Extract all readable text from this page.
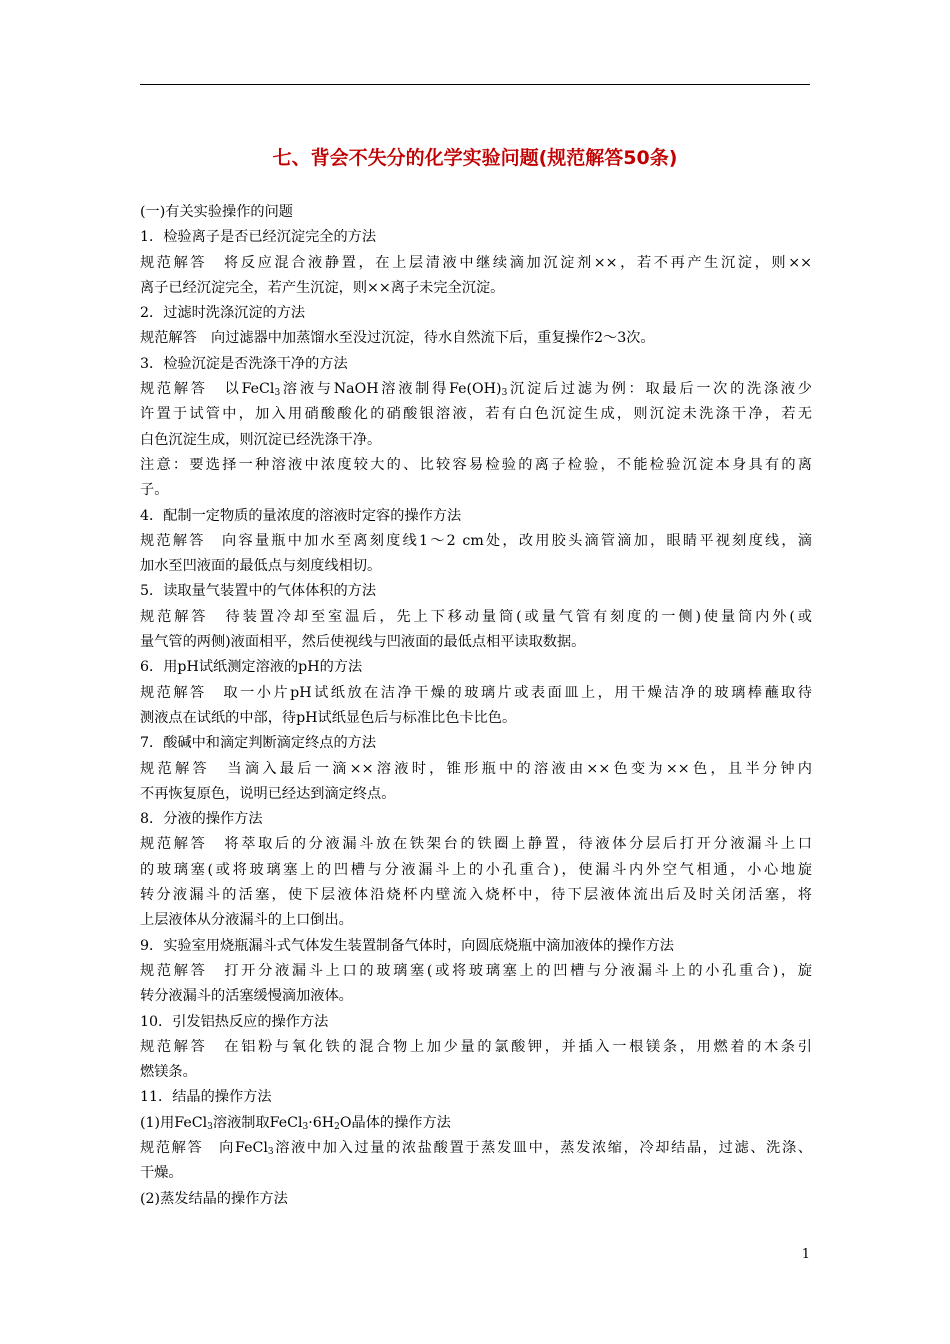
七、背会不失分的化学实验问题(规范解答50条)
(一)有关实验操作的问题
1．检验离子是否已经沉淀完全的方法
规范解答　将反应混合液静置，在上层清液中继续滴加沉淀剂××，若不再产生沉淀，则××
离子已经沉淀完全，若产生沉淀，则××离子未完全沉淀。
2．过滤时洗涤沉淀的方法
规范解答　向过滤器中加蒸馏水至没过沉淀，待水自然流下后，重复操作2～3次。
3．检验沉淀是否洗涤干净的方法
规范解答　以FeCl$_3$溶液与NaOH溶液制得$Fe(OH)_3$沉淀后过滤为例：取最后一次的洗涤液少
许置于试管中，加入用硝酸酸化的硝酸银溶液，若有白色沉淀生成，则沉淀未洗涤干净，若无
白色沉淀生成，则沉淀已经洗涤干净。
注意：要选择一种溶液中浓度较大的、比较容易检验的离子检验，不能检验沉淀本身具有的离
子。
4．配制一定物质的量浓度的溶液时定容的操作方法
规范解答　向容量瓶中加水至离刻度线1～2 cm处，改用胶头滴管滴加，眼睛平视刻度线，滴
加水至凹液面的最低点与刻度线相切。
5．读取量气装置中的气体体积的方法
规范解答　待装置冷却至室温后，先上下移动量筒(或量气管有刻度的一侧)使量筒内外(或
量气管的两侧)液面相平，然后使视线与凹液面的最低点相平读取数据。
6．用pH试纸测定溶液的pH的方法
规范解答　取一小片pH试纸放在洁净干燥的玻璃片或表面皿上，用干燥洁净的玻璃棒蘸取待
测液点在试纸的中部，待pH试纸显色后与标准比色卡比色。
7．酸碱中和滴定判断滴定终点的方法
规范解答　当滴入最后一滴××溶液时，锥形瓶中的溶液由××色变为××色，且半分钟内
不再恢复原色，说明已经达到滴定终点。
8．分液的操作方法
规范解答　将萃取后的分液漏斗放在铁架台的铁圈上静置，待液体分层后打开分液漏斗上口
的玻璃塞(或将玻璃塞上的凹槽与分液漏斗上的小孔重合)，使漏斗内外空气相通，小心地旋
转分液漏斗的活塞，使下层液体沿烧杯内壁流入烧杯中，待下层液体流出后及时关闭活塞，将
上层液体从分液漏斗的上口倒出。
9．实验室用烧瓶漏斗式气体发生装置制备气体时，向圆底烧瓶中滴加液体的操作方法
规范解答　打开分液漏斗上口的玻璃塞(或将玻璃塞上的凹槽与分液漏斗上的小孔重合)，旋
转分液漏斗的活塞缓慢滴加液体。
10．引发铝热反应的操作方法
规范解答　在铝粉与氧化铁的混合物上加少量的氯酸钾，并插入一根镁条，用燃着的木条引
燃镁条。
11．结晶的操作方法
(1)用FeCl$_3$溶液制取$FeCl_3\cdot 6H_2O$晶体的操作方法
规范解答　向FeCl$_3$溶液中加入过量的浓盐酸置于蒸发皿中，蒸发浓缩，冷却结晶，过滤、洗涤、
干燥。
(2)蒸发结晶的操作方法
1
